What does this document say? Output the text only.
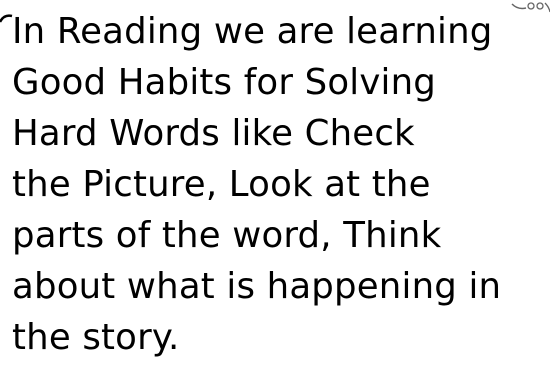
In Reading we are learning
Good Habits for Solving
Hard Words like Check
the Picture, Look at the
parts of the word, Think
about what is happening in
the story.
